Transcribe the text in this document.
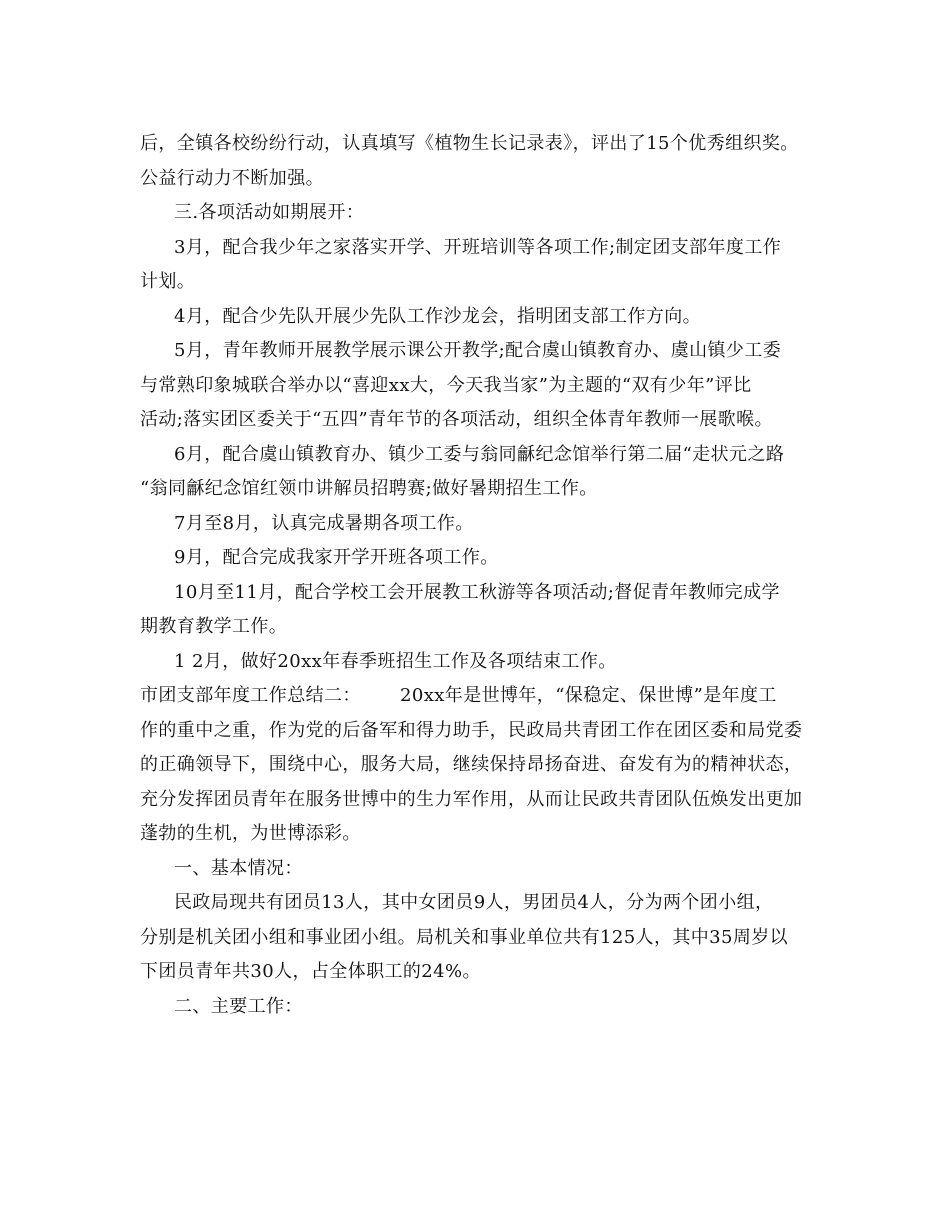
后，全镇各校纷纷行动，认真填写《植物生长记录表》，评出了15个优秀组织奖。
公益行动力不断加强。
三.各项活动如期展开：
3月，配合我少年之家落实开学、开班培训等各项工作;制定团支部年度工作
计划。
4月，配合少先队开展少先队工作沙龙会，指明团支部工作方向。
5月，青年教师开展教学展示课公开教学;配合虞山镇教育办、虞山镇少工委
与常熟印象城联合举办以“喜迎xx大，今天我当家”为主题的“双有少年”评比
活动;落实团区委关于“五四”青年节的各项活动，组织全体青年教师一展歌喉。
6月，配合虞山镇教育办、镇少工委与翁同龢纪念馆举行第二届“走状元之路
“翁同龢纪念馆红领巾讲解员招聘赛;做好暑期招生工作。
7月至8月，认真完成暑期各项工作。
9月，配合完成我家开学开班各项工作。
10月至11月，配合学校工会开展教工秋游等各项活动;督促青年教师完成学
期教育教学工作。
1 2月，做好20xx年春季班招生工作及各项结束工作。
市团支部年度工作总结二： 20xx年是世博年，“保稳定、保世博”是年度工
作的重中之重，作为党的后备军和得力助手，民政局共青团工作在团区委和局党委
的正确领导下，围绕中心，服务大局，继续保持昂扬奋进、奋发有为的精神状态，
充分发挥团员青年在服务世博中的生力军作用，从而让民政共青团队伍焕发出更加
蓬勃的生机，为世博添彩。
一、基本情况：
民政局现共有团员13人，其中女团员9人，男团员4人，分为两个团小组，
分别是机关团小组和事业团小组。局机关和事业单位共有125人，其中35周岁以
下团员青年共30人，占全体职工的24%。
二、主要工作：
